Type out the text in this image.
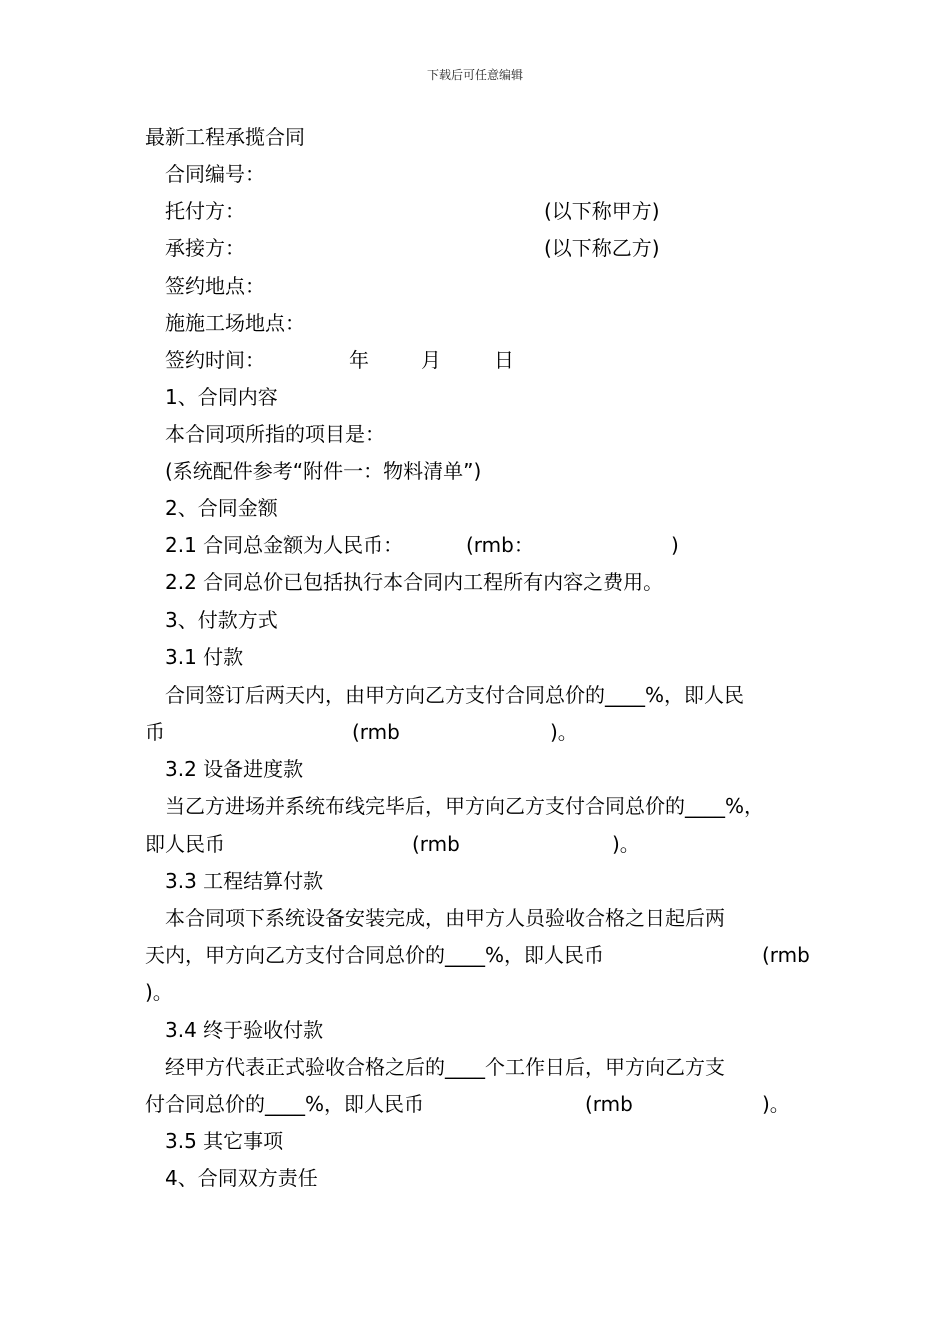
下载后可任意编辑
最新工程承揽合同
合同编号：
托付方：	(以下称甲方)
承接方：	(以下称乙方)
签约地点：
施施工场地点：
签约时间：	年	月	日
1、合同内容
本合同项所指的项目是：
(系统配件参考“附件一：物料清单”)
2、合同金额
2.1 合同总金额为人民币：	(rmb：	)
2.2 合同总价已包括执行本合同内工程所有内容之费用。
3、付款方式
3.1 付款
合同签订后两天内，由甲方向乙方支付合同总价的____%，即人民
币	(rmb	)。
3.2 设备进度款
当乙方进场并系统布线完毕后，甲方向乙方支付合同总价的____%，
即人民币	(rmb	)。
3.3 工程结算付款
本合同项下系统设备安装完成，由甲方人员验收合格之日起后两
天内，甲方向乙方支付合同总价的____%，即人民币	(rmb
)。
3.4 终于验收付款
经甲方代表正式验收合格之后的____个工作日后，甲方向乙方支
付合同总价的____%，即人民币	(rmb	)。
3.5 其它事项
4、合同双方责任
